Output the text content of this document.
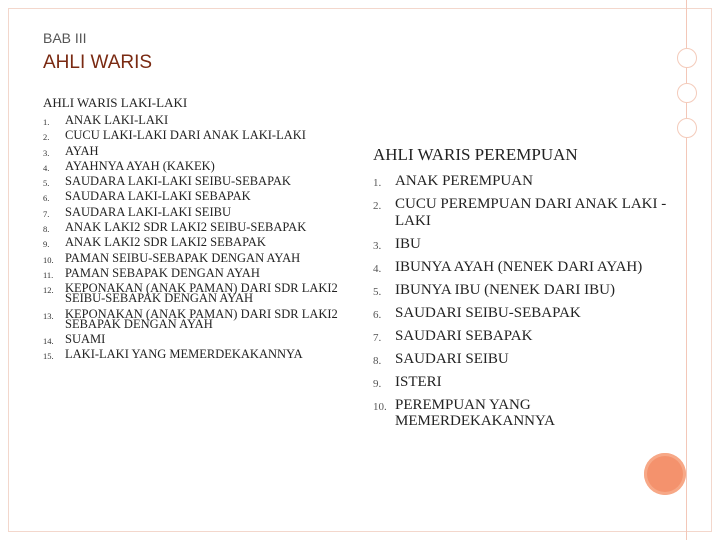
BAB III
AHLI WARIS
AHLI WARIS LAKI-LAKI
1. ANAK LAKI-LAKI
2. CUCU LAKI-LAKI DARI ANAK LAKI-LAKI
3. AYAH
4. AYAHNYA AYAH (KAKEK)
5. SAUDARA LAKI-LAKI SEIBU-SEBAPAK
6. SAUDARA LAKI-LAKI SEBAPAK
7. SAUDARA LAKI-LAKI SEIBU
8. ANAK LAKI2 SDR LAKI2 SEIBU-SEBAPAK
9. ANAK LAKI2 SDR LAKI2 SEBAPAK
10. PAMAN SEIBU-SEBAPAK DENGAN AYAH
11. PAMAN SEBAPAK DENGAN AYAH
12. KEPONAKAN (ANAK PAMAN) DARI SDR LAKI2 SEIBU-SEBAPAK DENGAN AYAH
13. KEPONAKAN (ANAK PAMAN) DARI SDR LAKI2 SEBAPAK DENGAN AYAH
14. SUAMI
15. LAKI-LAKI YANG MEMERDEKAKANNYA
AHLI WARIS PEREMPUAN
1. ANAK PEREMPUAN
2. CUCU PEREMPUAN DARI ANAK LAKI -LAKI
3. IBU
4. IBUNYA AYAH (NENEK DARI AYAH)
5. IBUNYA IBU (NENEK DARI IBU)
6. SAUDARI SEIBU-SEBAPAK
7. SAUDARI SEBAPAK
8. SAUDARI SEIBU
9. ISTERI
10. PEREMPUAN YANG MEMERDEKAKANNYA
